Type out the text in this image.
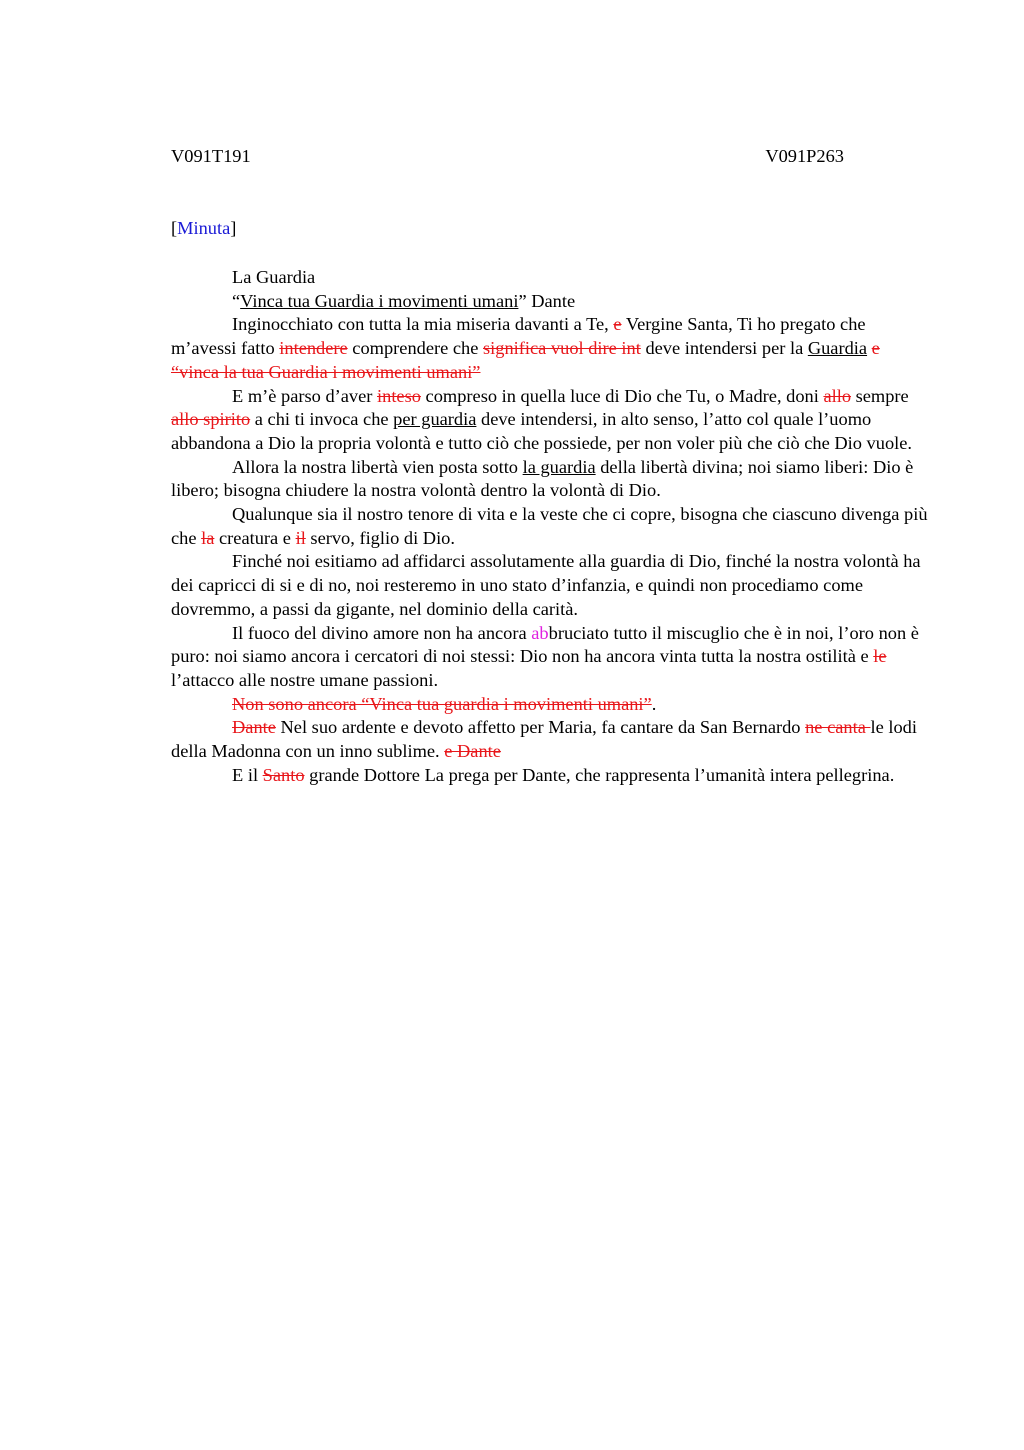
V091T191	V091P263
[Minuta]

La Guardia

“Vinca tua Guardia i movimenti umani” Dante

Inginocchiato con tutta la mia miseria davanti a Te, e Vergine Santa, Ti ho pregato che m’avessi fatto intendere comprendere che significa vuol dire int deve intendersi per la Guardia e “vinca la tua Guardia i movimenti umani”

E m’è parso d’aver inteso compreso in quella luce di Dio che Tu, o Madre, doni allo sempre allo spirito a chi ti invoca che per guardia deve intendersi, in alto senso, l’atto col quale l’uomo abbandona a Dio la propria volontà e tutto ciò che possiede, per non voler più che ciò che Dio vuole.

Allora la nostra libertà vien posta sotto la guardia della libertà divina; noi siamo liberi: Dio è libero; bisogna chiudere la nostra volontà dentro la volontà di Dio.

Qualunque sia il nostro tenore di vita e la veste che ci copre, bisogna che ciascuno divenga più che la creatura e il servo, figlio di Dio.

Finché noi esitiamo ad affidarci assolutamente alla guardia di Dio, finché la nostra volontà ha dei capricci di si e di no, noi resteremo in uno stato d’infanzia, e quindi non procediamo come dovremmo, a passi da gigante, nel dominio della carità.

Il fuoco del divino amore non ha ancora abbruciato tutto il miscuglio che è in noi, l’oro non è puro: noi siamo ancora i cercatori di noi stessi: Dio non ha ancora vinta tutta la nostra ostilità e le l’attacco alle nostre umane passioni.

Non sono ancora “Vinca tua guardia i movimenti umani”.

Dante Nel suo ardente e devoto affetto per Maria, fa cantare da San Bernardo ne canta le lodi della Madonna con un inno sublime. e Dante

E il Santo grande Dottore La prega per Dante, che rappresenta l’umanità intera pellegrina.
